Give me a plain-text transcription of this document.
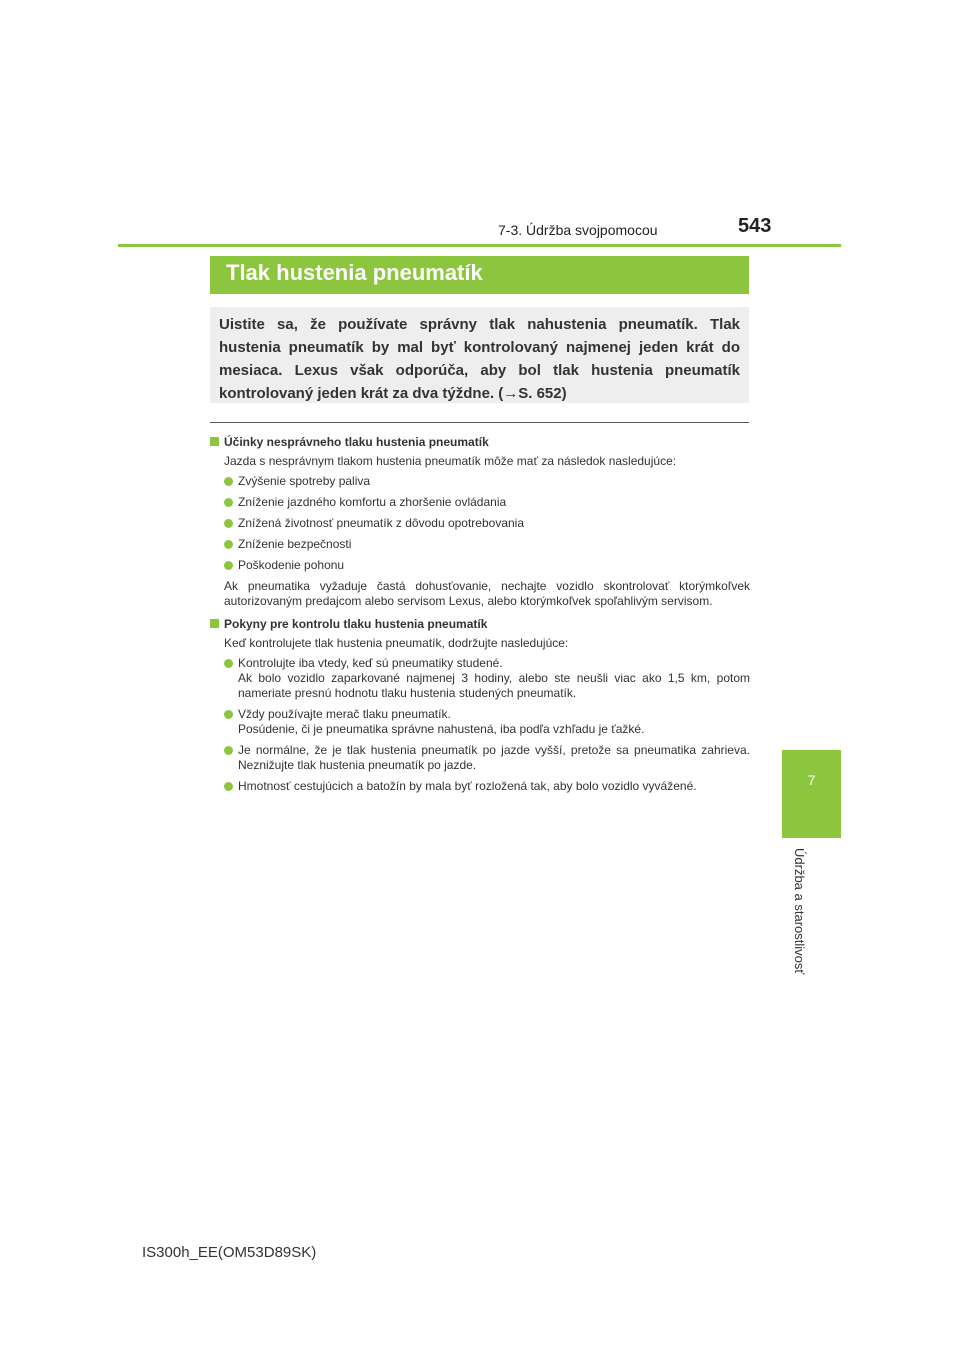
7-3. Údržba svojpomocou	543
7
Údržba a starostlivosť
Tlak hustenia pneumatík

Uistite sa, že používate správny tlak nahustenia pneumatík. Tlak hustenia pneumatík by mal byť kontrolovaný najmenej jeden krát do mesiaca. Lexus však odporúča, aby bol tlak hustenia pneumatík kontrolovaný jeden krát za dva týždne. (→S. 652)

Účinky nesprávneho tlaku hustenia pneumatík
Jazda s nesprávnym tlakom hustenia pneumatík môže mať za následok nasledujúce:
Zvýšenie spotreby paliva
Zníženie jazdného komfortu a zhoršenie ovládania
Znížená životnosť pneumatík z dôvodu opotrebovania
Zníženie bezpečnosti
Poškodenie pohonu
Ak pneumatika vyžaduje častá dohusťovanie, nechajte vozidlo skontrolovať ktorýmkoľvek autorizovaným predajcom alebo servisom Lexus, alebo ktorýmkoľvek spoľahlivým servisom.
Pokyny pre kontrolu tlaku hustenia pneumatík
Keď kontrolujete tlak hustenia pneumatík, dodržujte nasledujúce:
Kontrolujte iba vtedy, keď sú pneumatiky studené.
Ak bolo vozidlo zaparkované najmenej 3 hodiny, alebo ste neušli viac ako 1,5 km, potom nameriate presnú hodnotu tlaku hustenia studených pneumatík.
Vždy používajte merač tlaku pneumatík.
Posúdenie, či je pneumatika správne nahustená, iba podľa vzhľadu je ťažké.
Je normálne, že je tlak hustenia pneumatík po jazde vyšší, pretože sa pneumatika zahrieva. Neznižujte tlak hustenia pneumatík po jazde.
Hmotnosť cestujúcich a batožín by mala byť rozložená tak, aby bolo vozidlo vyvážené.
IS300h_EE(OM53D89SK)
